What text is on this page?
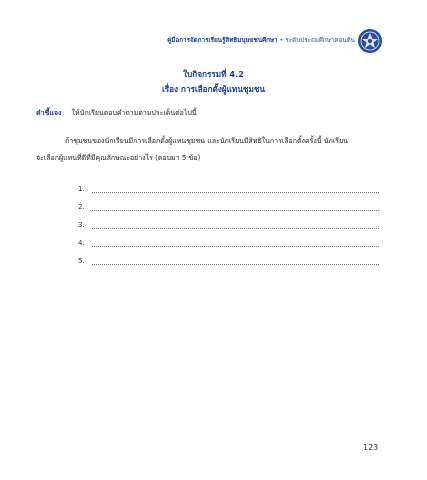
คู่มือการจัดการเรียนรู้สิทธิมนุษยชนศึกษา • ระดับประถมศึกษาตอนต้น
ใบกิจกรรมที่ 4.2
เรื่อง การเลือกตั้งผู้แทนชุมชน
คำชี้แจง ให้นักเรียนตอบคำถามตามประเด็นต่อไปนี้
ถ้าชุมชนของนักเรียนมีการเลือกตั้งผู้แทนชุมชน และนักเรียนมีสิทธิในการเลือกตั้งครั้งนี้ นักเรียน
จะเลือกผู้แทนที่ดีที่มีคุณลักษณะอย่างไร (ตอบมา 5 ข้อ)
1.
2.
3.
4.
5.
123
